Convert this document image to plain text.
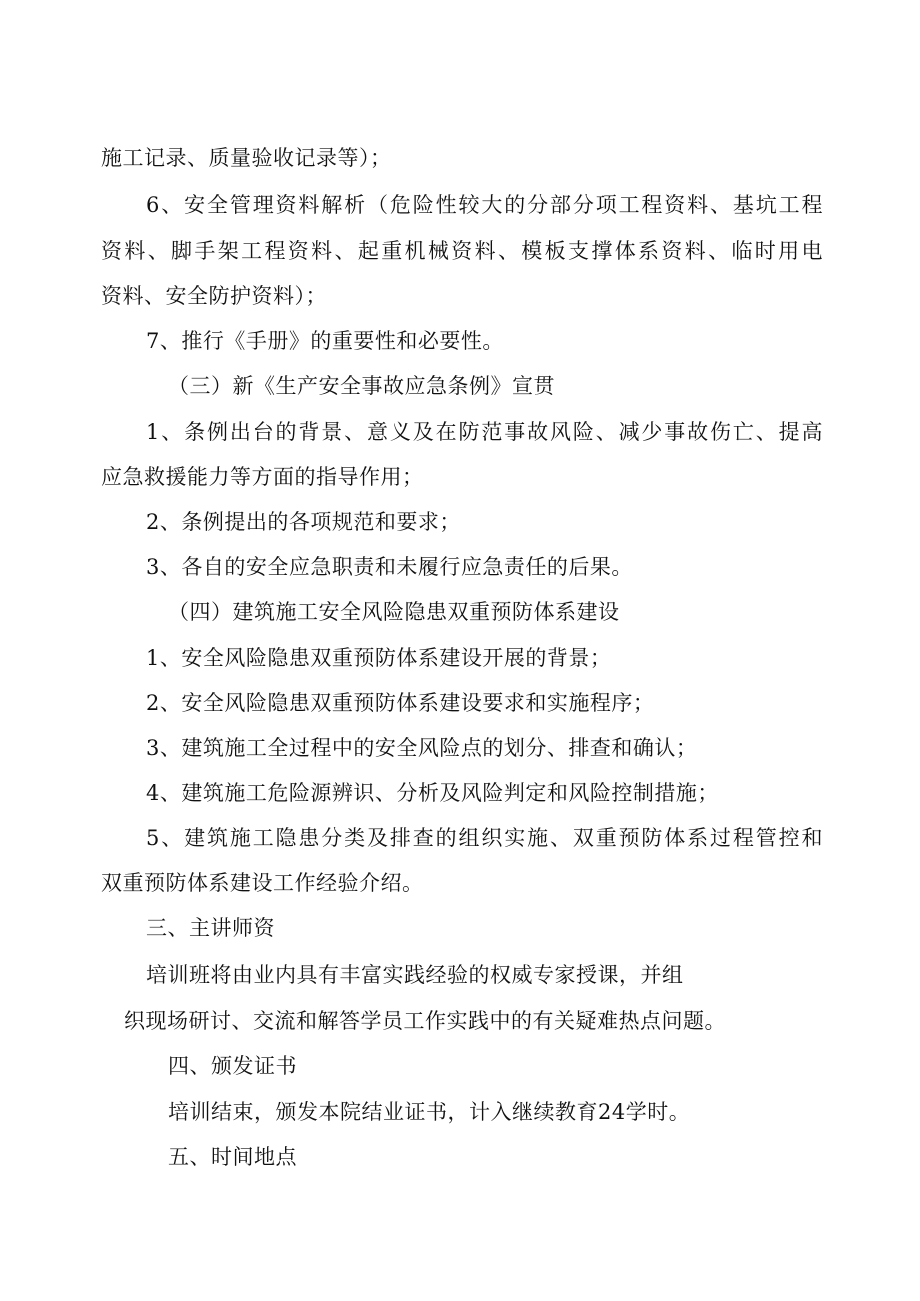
施工记录、质量验收记录等）；
6、安全管理资料解析（危险性较大的分部分项工程资料、基坑工程
资料、脚手架工程资料、起重机械资料、模板支撑体系资料、临时用电
资料、安全防护资料）；
7、推行《手册》的重要性和必要性。
（三）新《生产安全事故应急条例》宣贯
1、条例出台的背景、意义及在防范事故风险、减少事故伤亡、提高
应急救援能力等方面的指导作用；
2、条例提出的各项规范和要求；
3、各自的安全应急职责和未履行应急责任的后果。
（四）建筑施工安全风险隐患双重预防体系建设
1、安全风险隐患双重预防体系建设开展的背景；
2、安全风险隐患双重预防体系建设要求和实施程序；
3、建筑施工全过程中的安全风险点的划分、排查和确认；
4、建筑施工危险源辨识、分析及风险判定和风险控制措施；
5、建筑施工隐患分类及排查的组织实施、双重预防体系过程管控和
双重预防体系建设工作经验介绍。
三、主讲师资
培训班将由业内具有丰富实践经验的权威专家授课，并组
织现场研讨、交流和解答学员工作实践中的有关疑难热点问题。
四、颁发证书
培训结束，颁发本院结业证书，计入继续教育24学时。
五、时间地点
